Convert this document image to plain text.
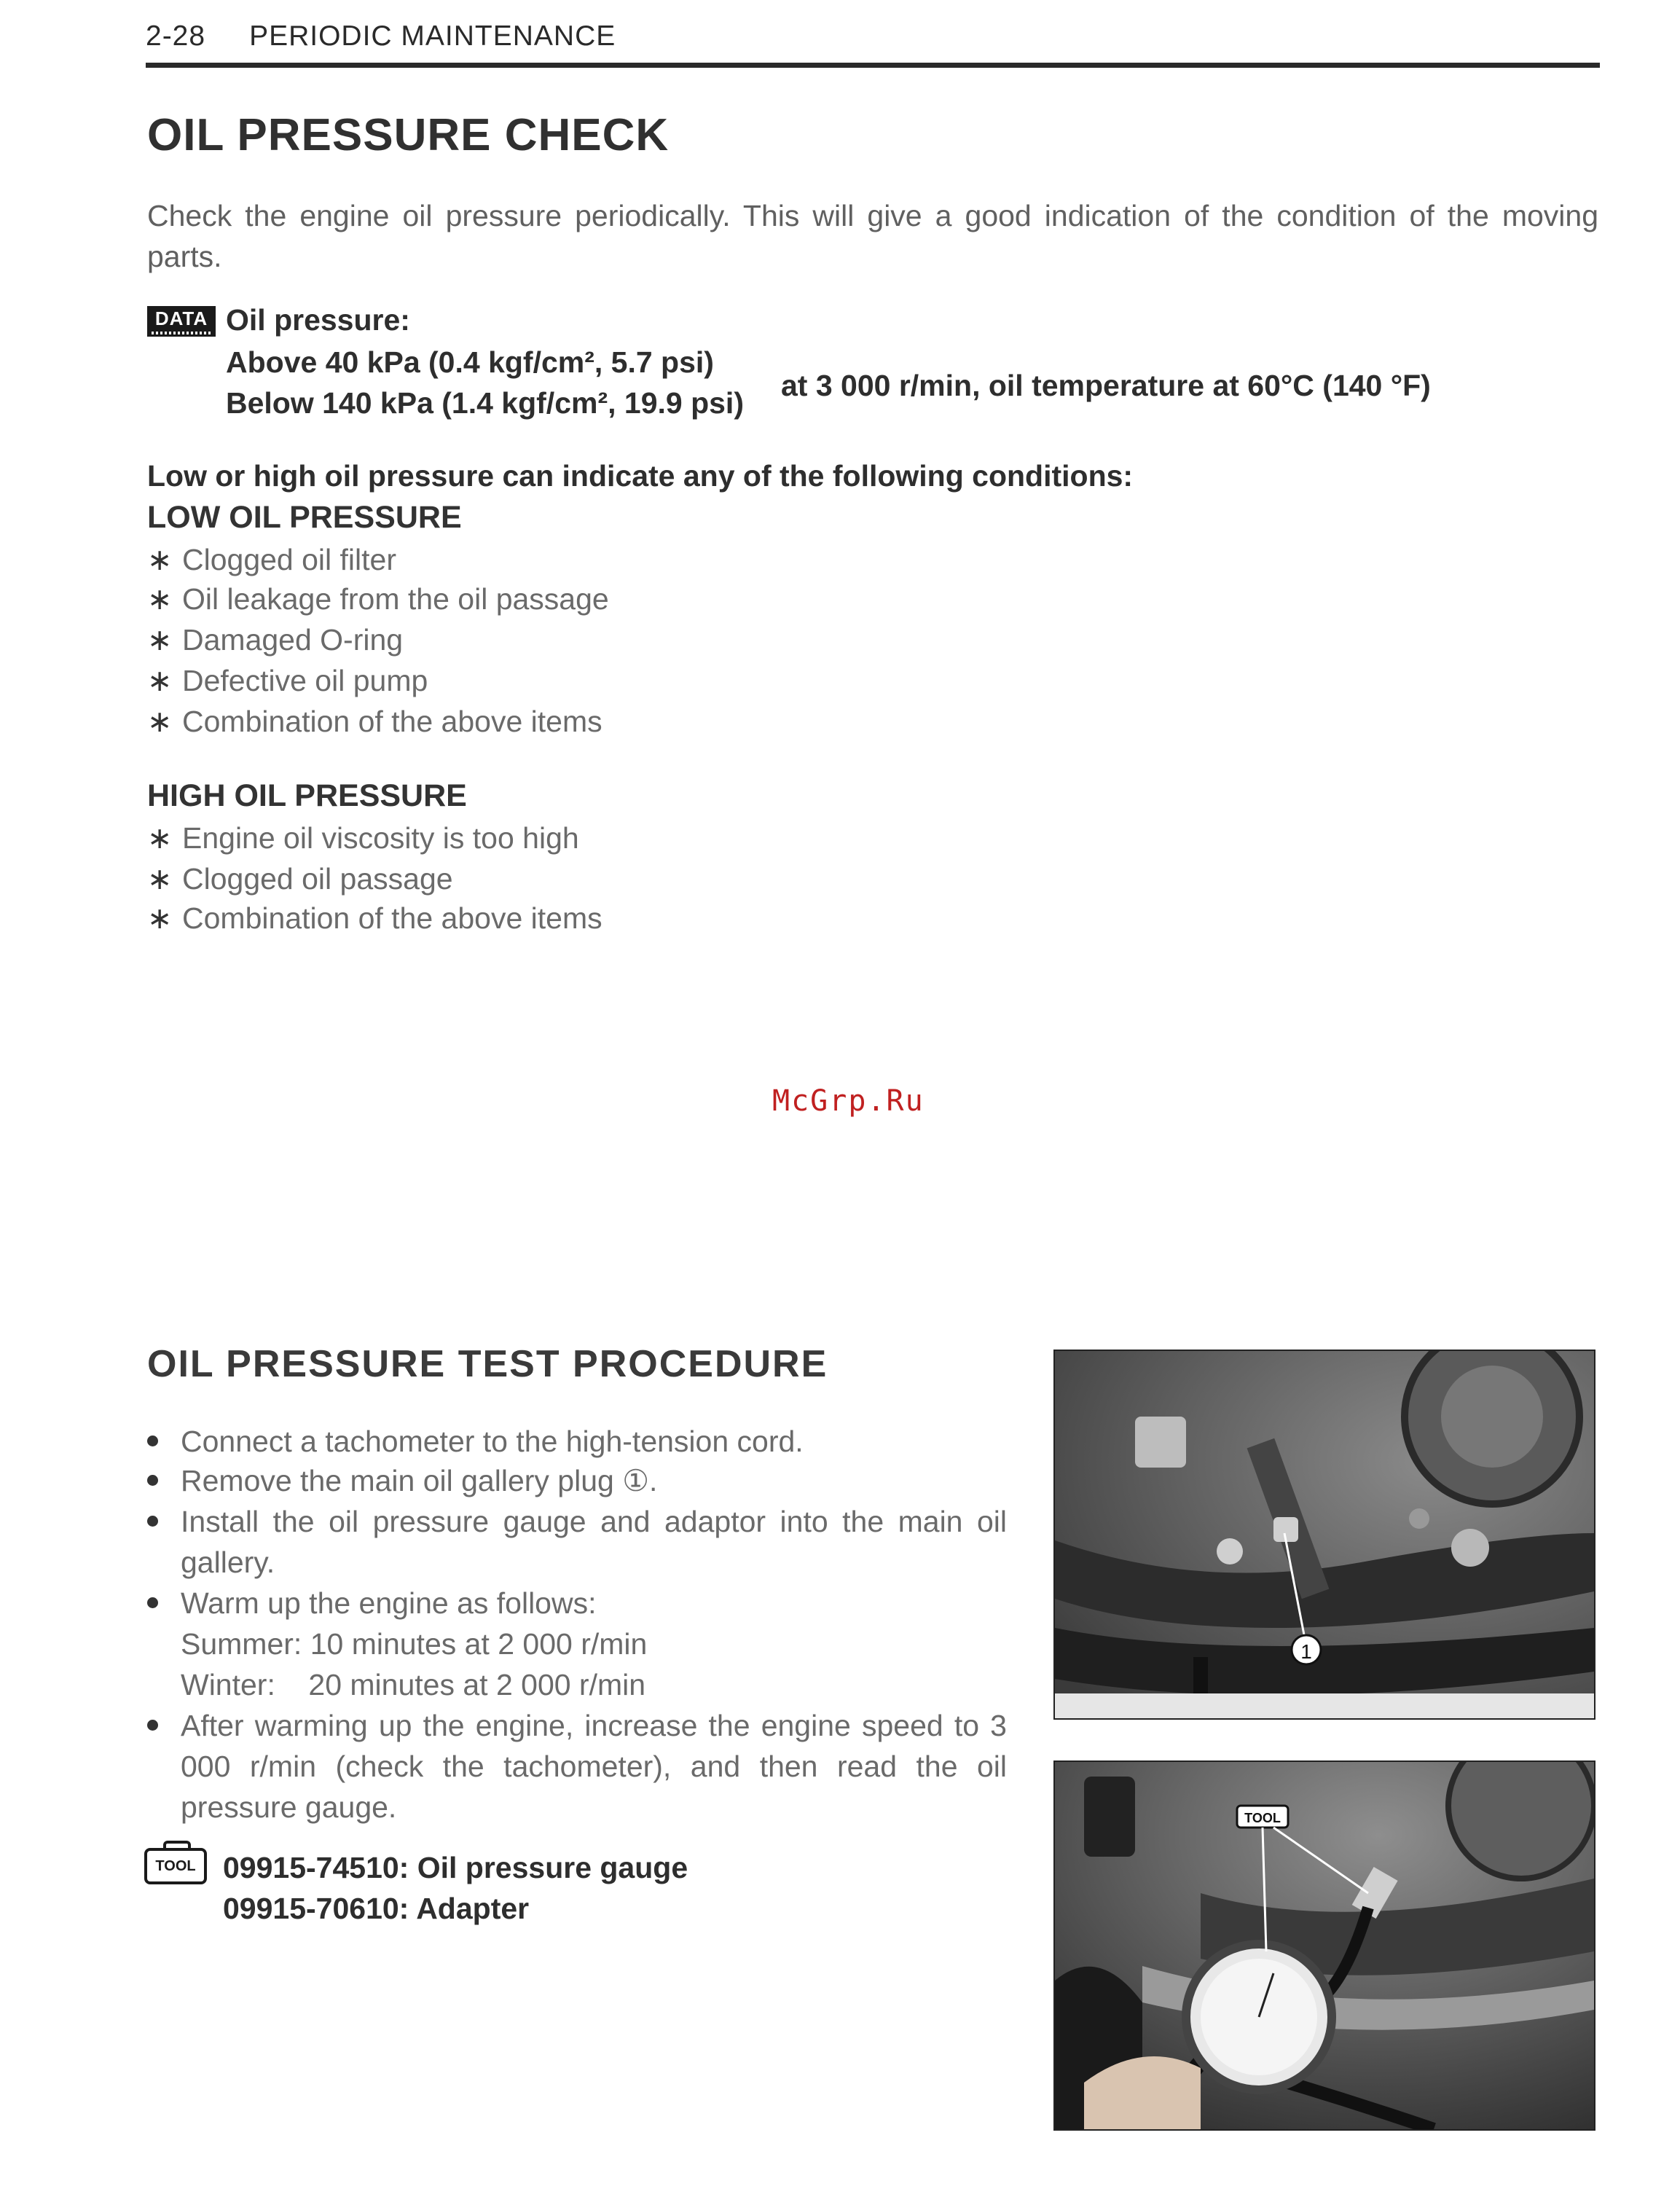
2-28 PERIODIC MAINTENANCE
OIL PRESSURE CHECK
Check the engine oil pressure periodically. This will give a good indication of the condition of the moving parts.
DATA Oil pressure:
Above 40 kPa (0.4 kgf/cm², 5.7 psi)
Below 140 kPa (1.4 kgf/cm², 19.9 psi)
at 3 000 r/min, oil temperature at 60°C (140 °F)
Low or high oil pressure can indicate any of the following conditions:
LOW OIL PRESSURE
∗ Clogged oil filter
∗ Oil leakage from the oil passage
∗ Damaged O-ring
∗ Defective oil pump
∗ Combination of the above items
HIGH OIL PRESSURE
∗ Engine oil viscosity is too high
∗ Clogged oil passage
∗ Combination of the above items
McGrp.Ru
OIL PRESSURE TEST PROCEDURE
Connect a tachometer to the high-tension cord.
Remove the main oil gallery plug ①.
Install the oil pressure gauge and adaptor into the main oil gallery.
Warm up the engine as follows:
Summer: 10 minutes at 2 000 r/min
Winter:    20 minutes at 2 000 r/min
After warming up the engine, increase the engine speed to 3 000 r/min (check the tachometer), and then read the oil pressure gauge.
TOOL 09915-74510: Oil pressure gauge
09915-70610: Adapter
1
TOOL
